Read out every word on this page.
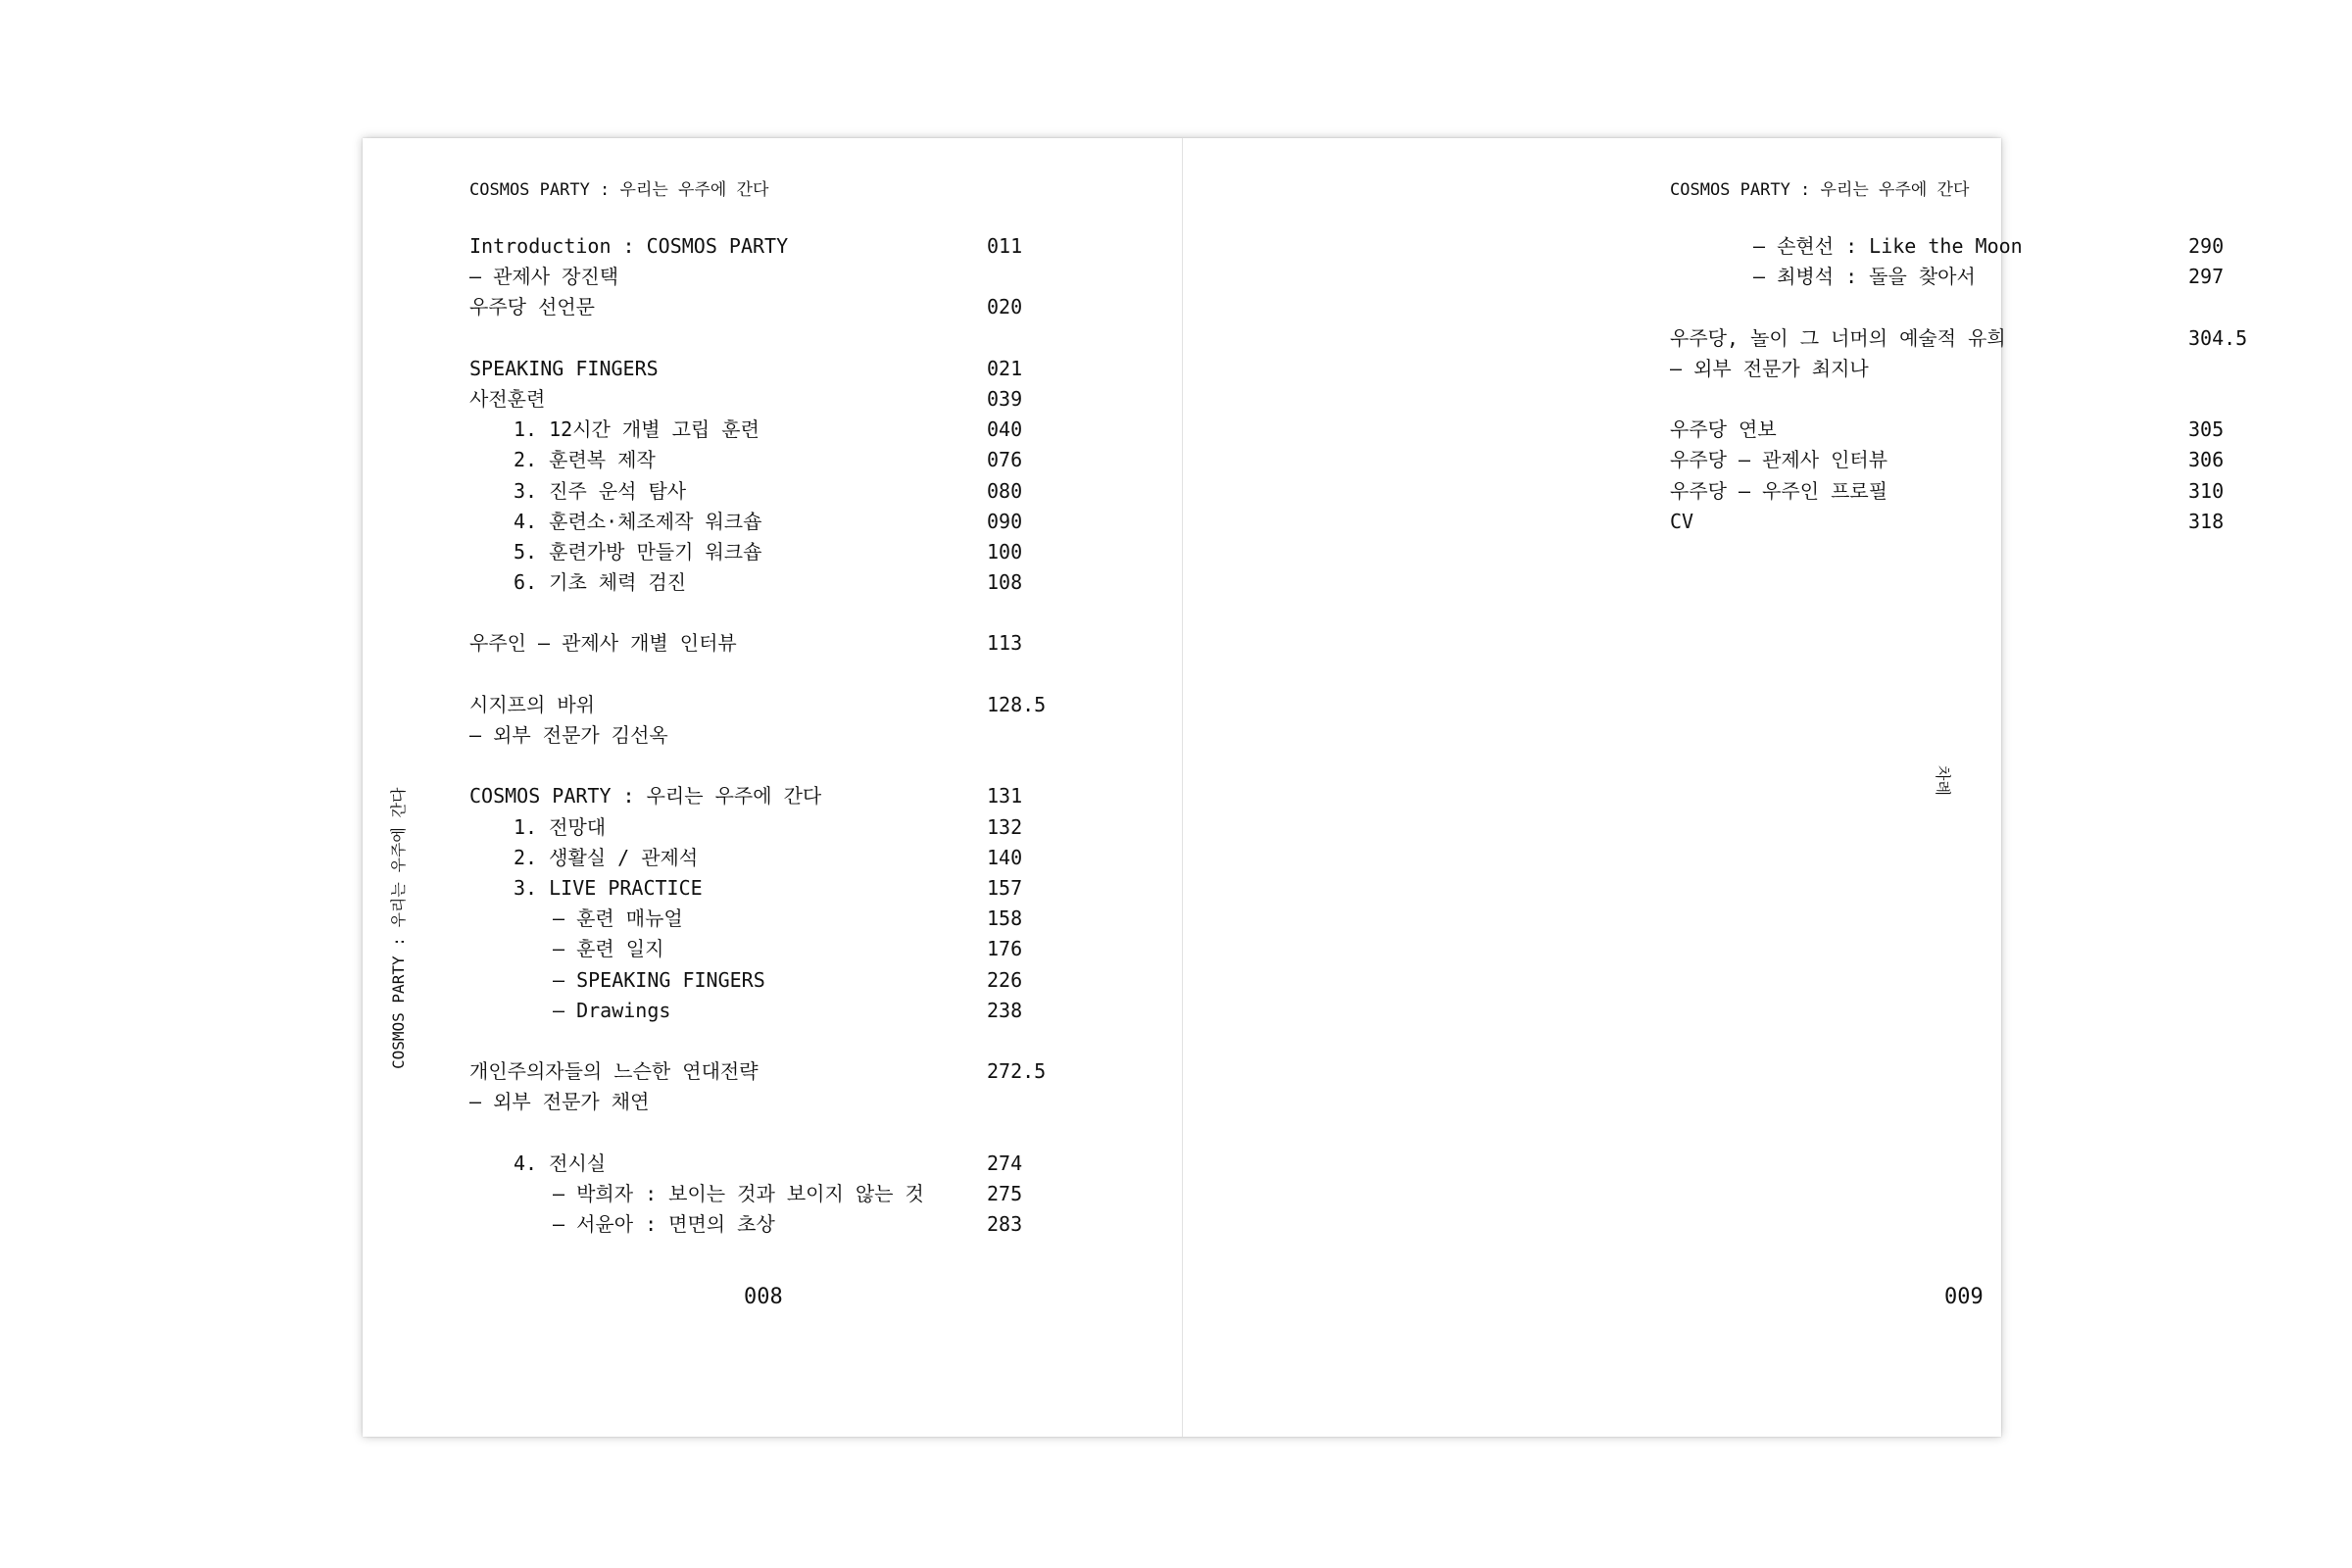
COSMOS PARTY : 우리는 우주에 간다
COSMOS PARTY : 우리는 우주에 간다
Introduction : COSMOS PARTY	011
— 관제사 장진택
우주당 선언문	020
SPEAKING FINGERS	021
사전훈련	039
1. 12시간 개별 고립 훈련	040
2. 훈련복 제작	076
3. 진주 운석 탐사	080
4. 훈련소·체조제작 워크숍	090
5. 훈련가방 만들기 워크숍	100
6. 기초 체력 검진	108
우주인 – 관제사 개별 인터뷰	113
시지프의 바위	128.5
— 외부 전문가 김선옥
COSMOS PARTY : 우리는 우주에 간다	131
1. 전망대	132
2. 생활실 / 관제석	140
3. LIVE PRACTICE	157
– 훈련 매뉴얼	158
– 훈련 일지	176
– SPEAKING FINGERS	226
– Drawings	238
개인주의자들의 느슨한 연대전략	272.5
— 외부 전문가 채연
4. 전시실	274
– 박희자 : 보이는 것과 보이지 않는 것	275
– 서윤아 : 면면의 초상	283
008
COSMOS PARTY : 우리는 우주에 간다
– 손현선 : Like the Moon	290
– 최병석 : 돌을 찾아서	297
우주당, 놀이 그 너머의 예술적 유희	304.5
— 외부 전문가 최지나
우주당 연보	305
우주당 – 관제사 인터뷰	306
우주당 – 우주인 프로필	310
CV	318
차례
009
